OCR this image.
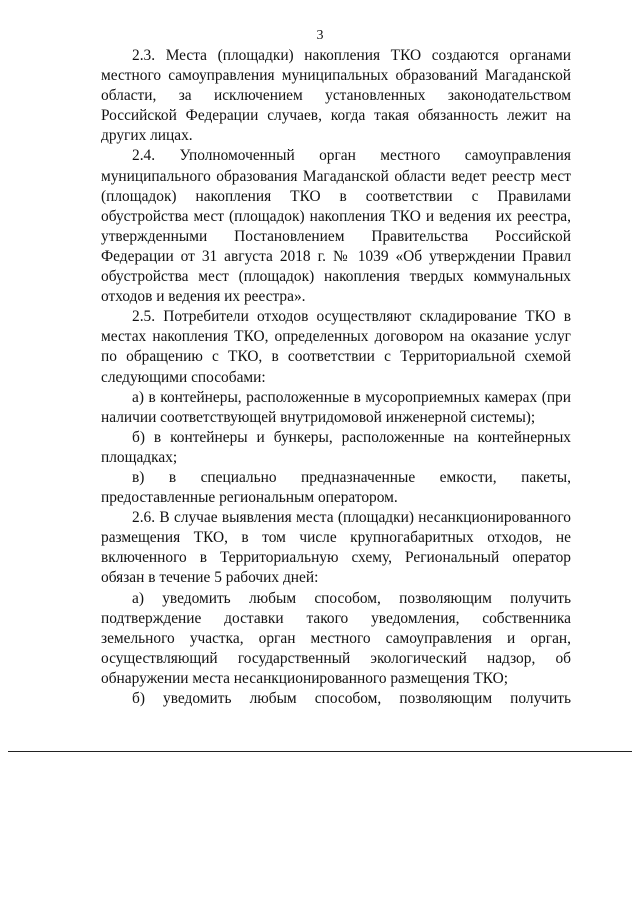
3

2.3. Места (площадки) накопления ТКО создаются органами местного самоуправления муниципальных образований Магаданской области, за исключением установленных законодательством Российской Федерации случаев, когда такая обязанность лежит на других лицах.

2.4. Уполномоченный орган местного самоуправления муниципального образования Магаданской области ведет реестр мест (площадок) накопления ТКО в соответствии с Правилами обустройства мест (площадок) накопления ТКО и ведения их реестра, утвержденными Постановлением Правительства Российской Федерации от 31 августа 2018 г. № 1039 «Об утверждении Правил обустройства мест (площадок) накопления твердых коммунальных отходов и ведения их реестра».

2.5. Потребители отходов осуществляют складирование ТКО в местах накопления ТКО, определенных договором на оказание услуг по обращению с ТКО, в соответствии с Территориальной схемой следующими способами:

а) в контейнеры, расположенные в мусороприемных камерах (при наличии соответствующей внутридомовой инженерной системы);

б) в контейнеры и бункеры, расположенные на контейнерных площадках;

в) в специально предназначенные емкости, пакеты, предоставленные региональным оператором.

2.6. В случае выявления места (площадки) несанкционированного размещения ТКО, в том числе крупногабаритных отходов, не включенного в Территориальную схему, Региональный оператор обязан в течение 5 рабочих дней:

а) уведомить любым способом, позволяющим получить подтверждение доставки такого уведомления, собственника земельного участка, орган местного самоуправления и орган, осуществляющий государственный экологический надзор, об обнаружении места несанкционированного размещения ТКО;

б) уведомить любым способом, позволяющим получить
